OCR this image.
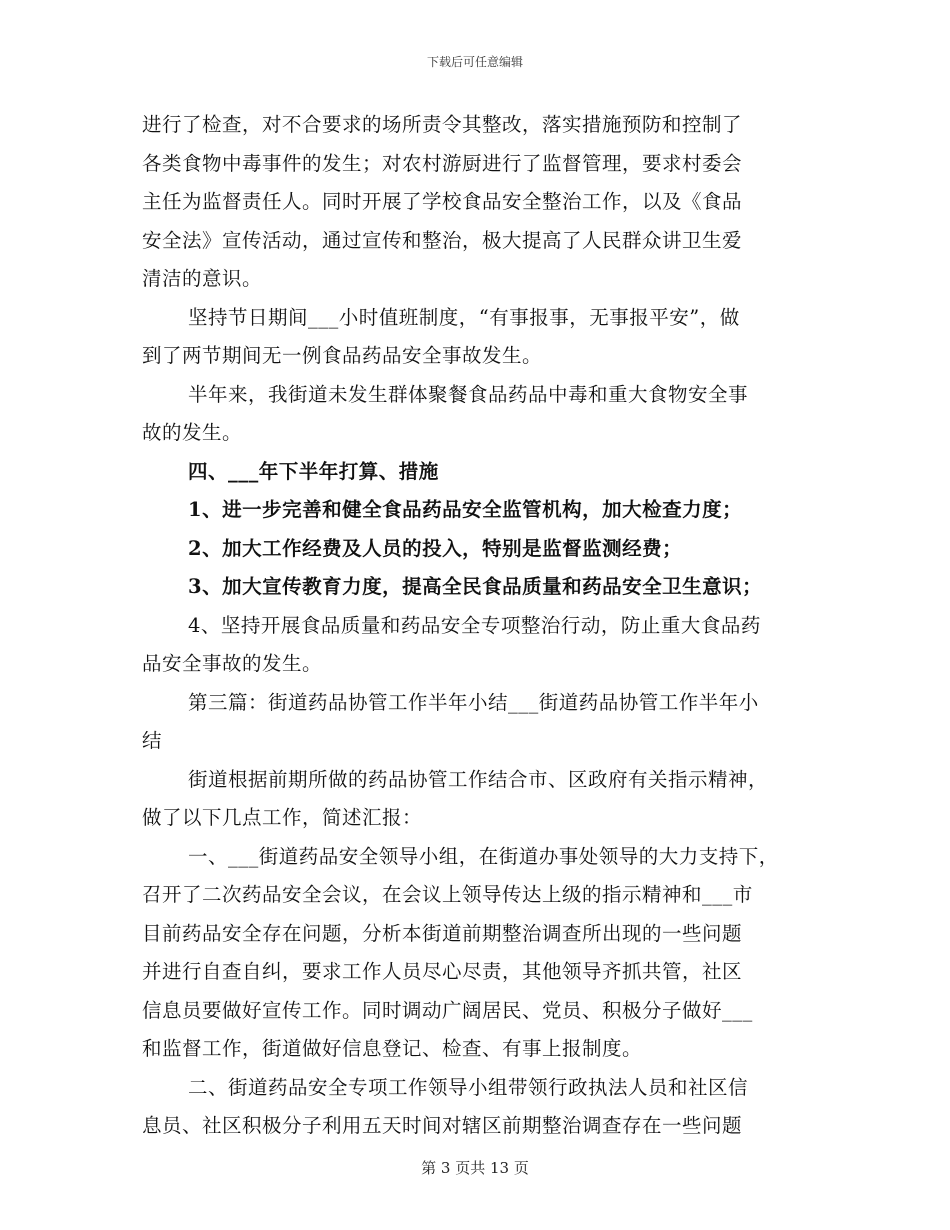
下载后可任意编辑
进行了检查，对不合要求的场所责令其整改，落实措施预防和控制了
各类食物中毒事件的发生；对农村游厨进行了监督管理，要求村委会
主任为监督责任人。同时开展了学校食品安全整治工作，以及《食品
安全法》宣传活动，通过宣传和整治，极大提高了人民群众讲卫生爱
清洁的意识。
坚持节日期间___小时值班制度，“有事报事，无事报平安”，做
到了两节期间无一例食品药品安全事故发生。
半年来，我街道未发生群体聚餐食品药品中毒和重大食物安全事
故的发生。
四、___年下半年打算、措施
1、进一步完善和健全食品药品安全监管机构，加大检查力度；
2、加大工作经费及人员的投入，特别是监督监测经费；
3、加大宣传教育力度，提高全民食品质量和药品安全卫生意识；
4、坚持开展食品质量和药品安全专项整治行动，防止重大食品药
品安全事故的发生。
第三篇：街道药品协管工作半年小结___街道药品协管工作半年小
结
街道根据前期所做的药品协管工作结合市、区政府有关指示精神，
做了以下几点工作，简述汇报：
一、___街道药品安全领导小组，在街道办事处领导的大力支持下，
召开了二次药品安全会议，在会议上领导传达上级的指示精神和___市
目前药品安全存在问题，分析本街道前期整治调查所出现的一些问题
并进行自查自纠，要求工作人员尽心尽责，其他领导齐抓共管，社区
信息员要做好宣传工作。同时调动广阔居民、党员、积极分子做好___
和监督工作，街道做好信息登记、检查、有事上报制度。
二、街道药品安全专项工作领导小组带领行政执法人员和社区信
息员、社区积极分子利用五天时间对辖区前期整治调查存在一些问题
第 3 页共 13 页
